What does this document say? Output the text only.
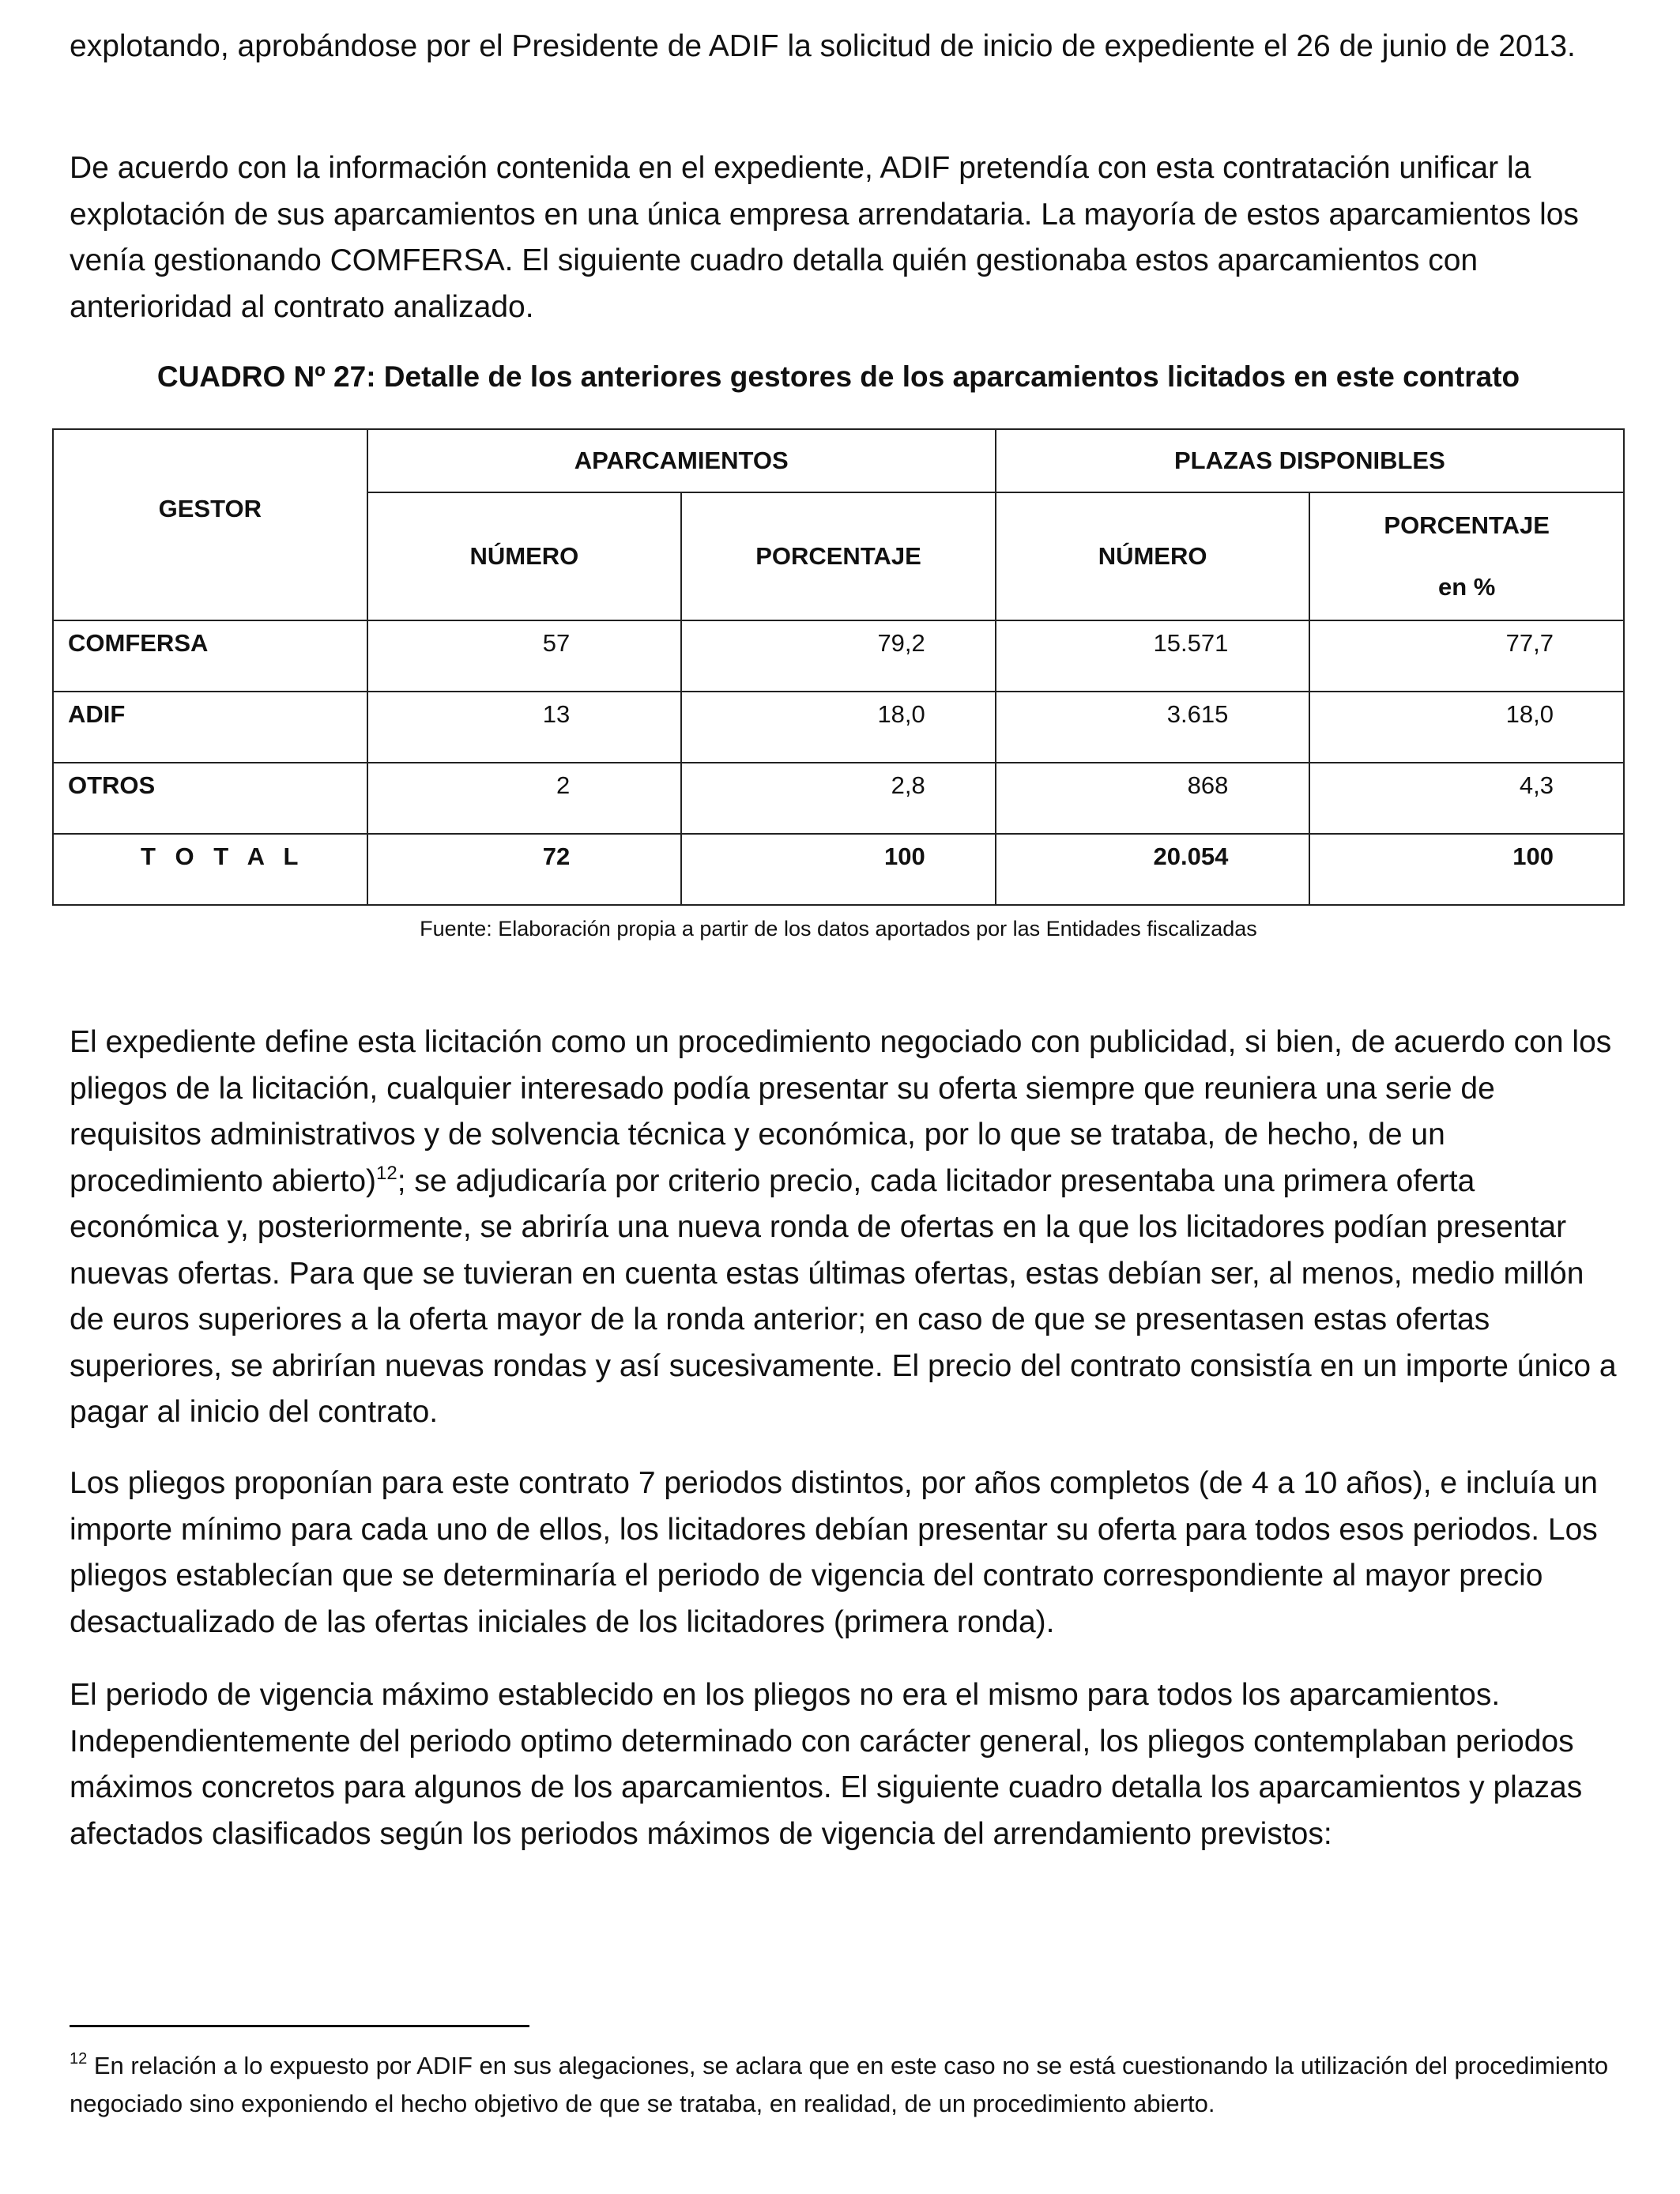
explotando, aprobándose por el Presidente de ADIF la solicitud de inicio de expediente el 26 de junio de 2013.

De acuerdo con la información contenida en el expediente, ADIF pretendía con esta contratación unificar la explotación de sus aparcamientos en una única empresa arrendataria. La mayoría de estos aparcamientos los venía gestionando COMFERSA. El siguiente cuadro detalla quién gestionaba estos aparcamientos con anterioridad al contrato analizado.

CUADRO Nº 27: Detalle de los anteriores gestores de los aparcamientos licitados en este contrato

GESTOR	APARCAMIENTOS		PLAZAS DISPONIBLES	
	NÚMERO	PORCENTAJE	NÚMERO	PORCENTAJE
en %

COMFERSA	57	79,2	15.571	77,7
ADIF	13	18,0	3.615	18,0
OTROS	2	2,8	868	4,3
T O T A L	72	100	20.054	100

Fuente: Elaboración propia a partir de los datos aportados por las Entidades fiscalizadas

El expediente define esta licitación como un procedimiento negociado con publicidad, si bien, de acuerdo con los pliegos de la licitación, cualquier interesado podía presentar su oferta siempre que reuniera una serie de requisitos administrativos y de solvencia técnica y económica, por lo que se trataba, de hecho, de un procedimiento abierto)$^{12}$; se adjudicaría por criterio precio, cada licitador presentaba una primera oferta económica y, posteriormente, se abriría una nueva ronda de ofertas en la que los licitadores podían presentar nuevas ofertas. Para que se tuvieran en cuenta estas últimas ofertas, estas debían ser, al menos, medio millón de euros superiores a la oferta mayor de la ronda anterior; en caso de que se presentasen estas ofertas superiores, se abrirían nuevas rondas y así sucesivamente. El precio del contrato consistía en un importe único a pagar al inicio del contrato.

Los pliegos proponían para este contrato 7 periodos distintos, por años completos (de 4 a 10 años), e incluía un importe mínimo para cada uno de ellos, los licitadores debían presentar su oferta para todos esos periodos. Los pliegos establecían que se determinaría el periodo de vigencia del contrato correspondiente al mayor precio desactualizado de las ofertas iniciales de los licitadores (primera ronda).

El periodo de vigencia máximo establecido en los pliegos no era el mismo para todos los aparcamientos. Independientemente del periodo optimo determinado con carácter general, los pliegos contemplaban periodos máximos concretos para algunos de los aparcamientos. El siguiente cuadro detalla los aparcamientos y plazas afectados clasificados según los periodos máximos de vigencia del arrendamiento previstos:

$^{12}$ En relación a lo expuesto por ADIF en sus alegaciones, se aclara que en este caso no se está cuestionando la utilización del procedimiento negociado sino exponiendo el hecho objetivo de que se trataba, en realidad, de un procedimiento abierto.
